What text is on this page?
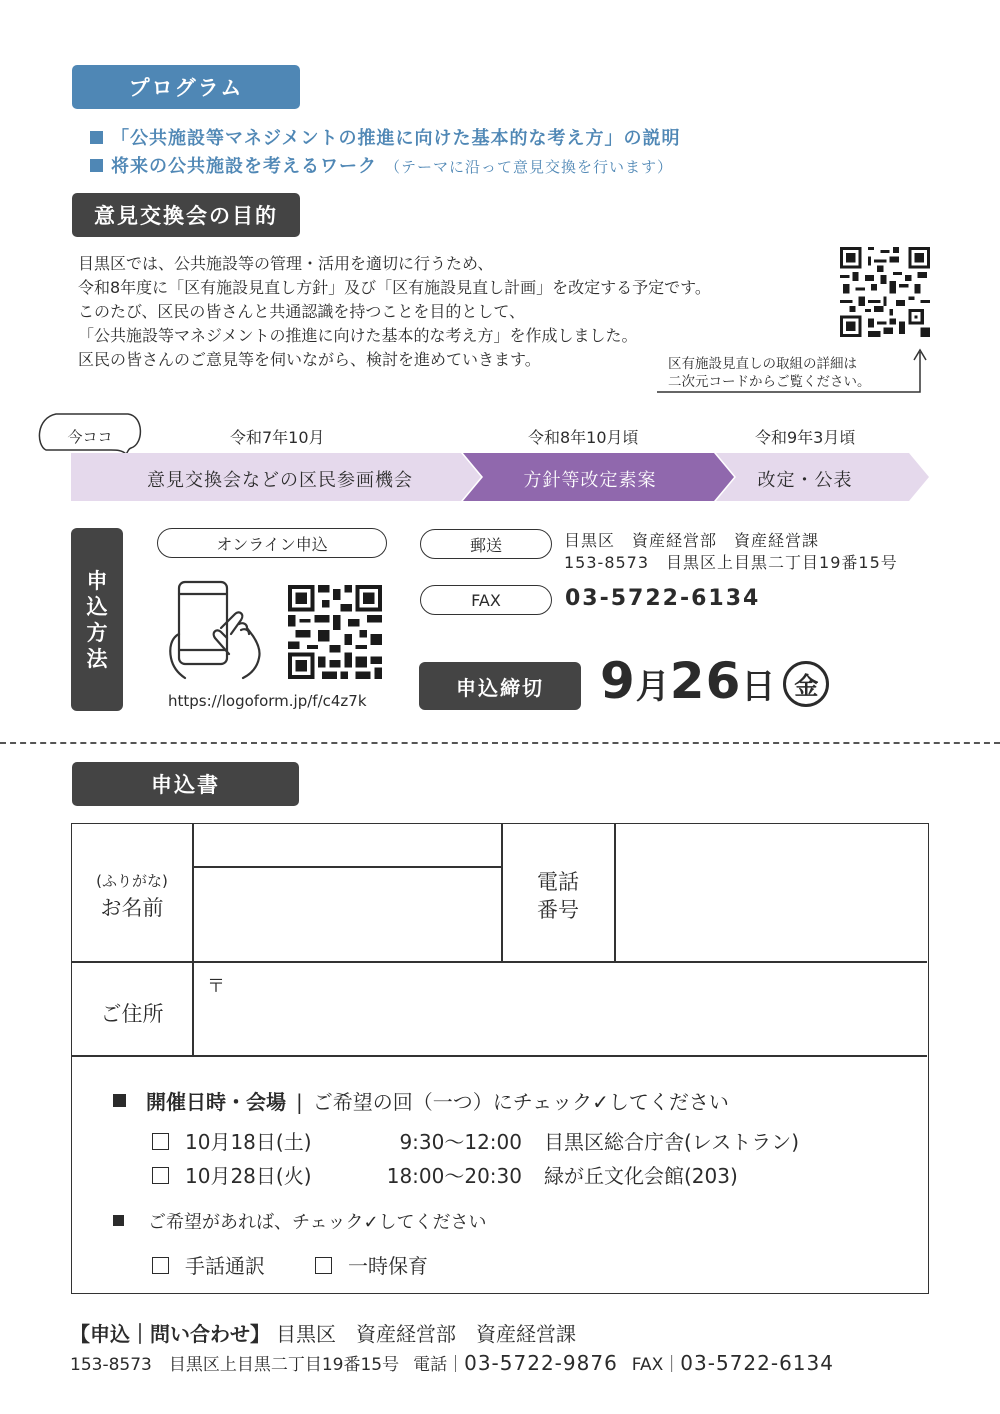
プログラム
「公共施設等マネジメントの推進に向けた基本的な考え方」の説明
将来の公共施設を考えるワーク （テーマに沿って意見交換を行います）
意見交換会の目的
目黒区では、公共施設等の管理・活用を適切に行うため、
令和8年度に「区有施設見直し方針」及び「区有施設見直し計画」を改定する予定です。
このたび、区民の皆さんと共通認識を持つことを目的として、
「公共施設等マネジメントの推進に向けた基本的な考え方」を作成しました。
区民の皆さんのご意見等を伺いながら、検討を進めていきます。	区有施設見直しの取組の詳細は
二次元コードからご覧ください。
今ココ	令和7年10月	令和8年10月頃	令和9年3月頃
意見交換会などの区民参画機会	方針等改定素案	改定・公表
申
込
方
法
オンライン申込
https://logoform.jp/f/c4z7k
郵送	目黒区　資産経営部　資産経営課
153-8573　目黒区上目黒二丁目19番15号
FAX	03-5722-6134
申込締切	9 月 26 日 金
申込書
(ふりがな)
お名前
電話
番号
ご住所
〒
開催日時・会場 | ご希望の回（一つ）にチェック✓してください
10月18日(土)	9:30〜12:00 目黒区総合庁舎(レストラン)
10月28日(火)	18:00〜20:30 緑が丘文化会館(203)
ご希望があれば、チェック✓してください
手話通訳	一時保育
【申込｜問い合わせ】 目黒区　資産経営部　資産経営課
153-8573　目黒区上目黒二丁目19番15号 電話｜03-5722-9876 FAX｜03-5722-6134
